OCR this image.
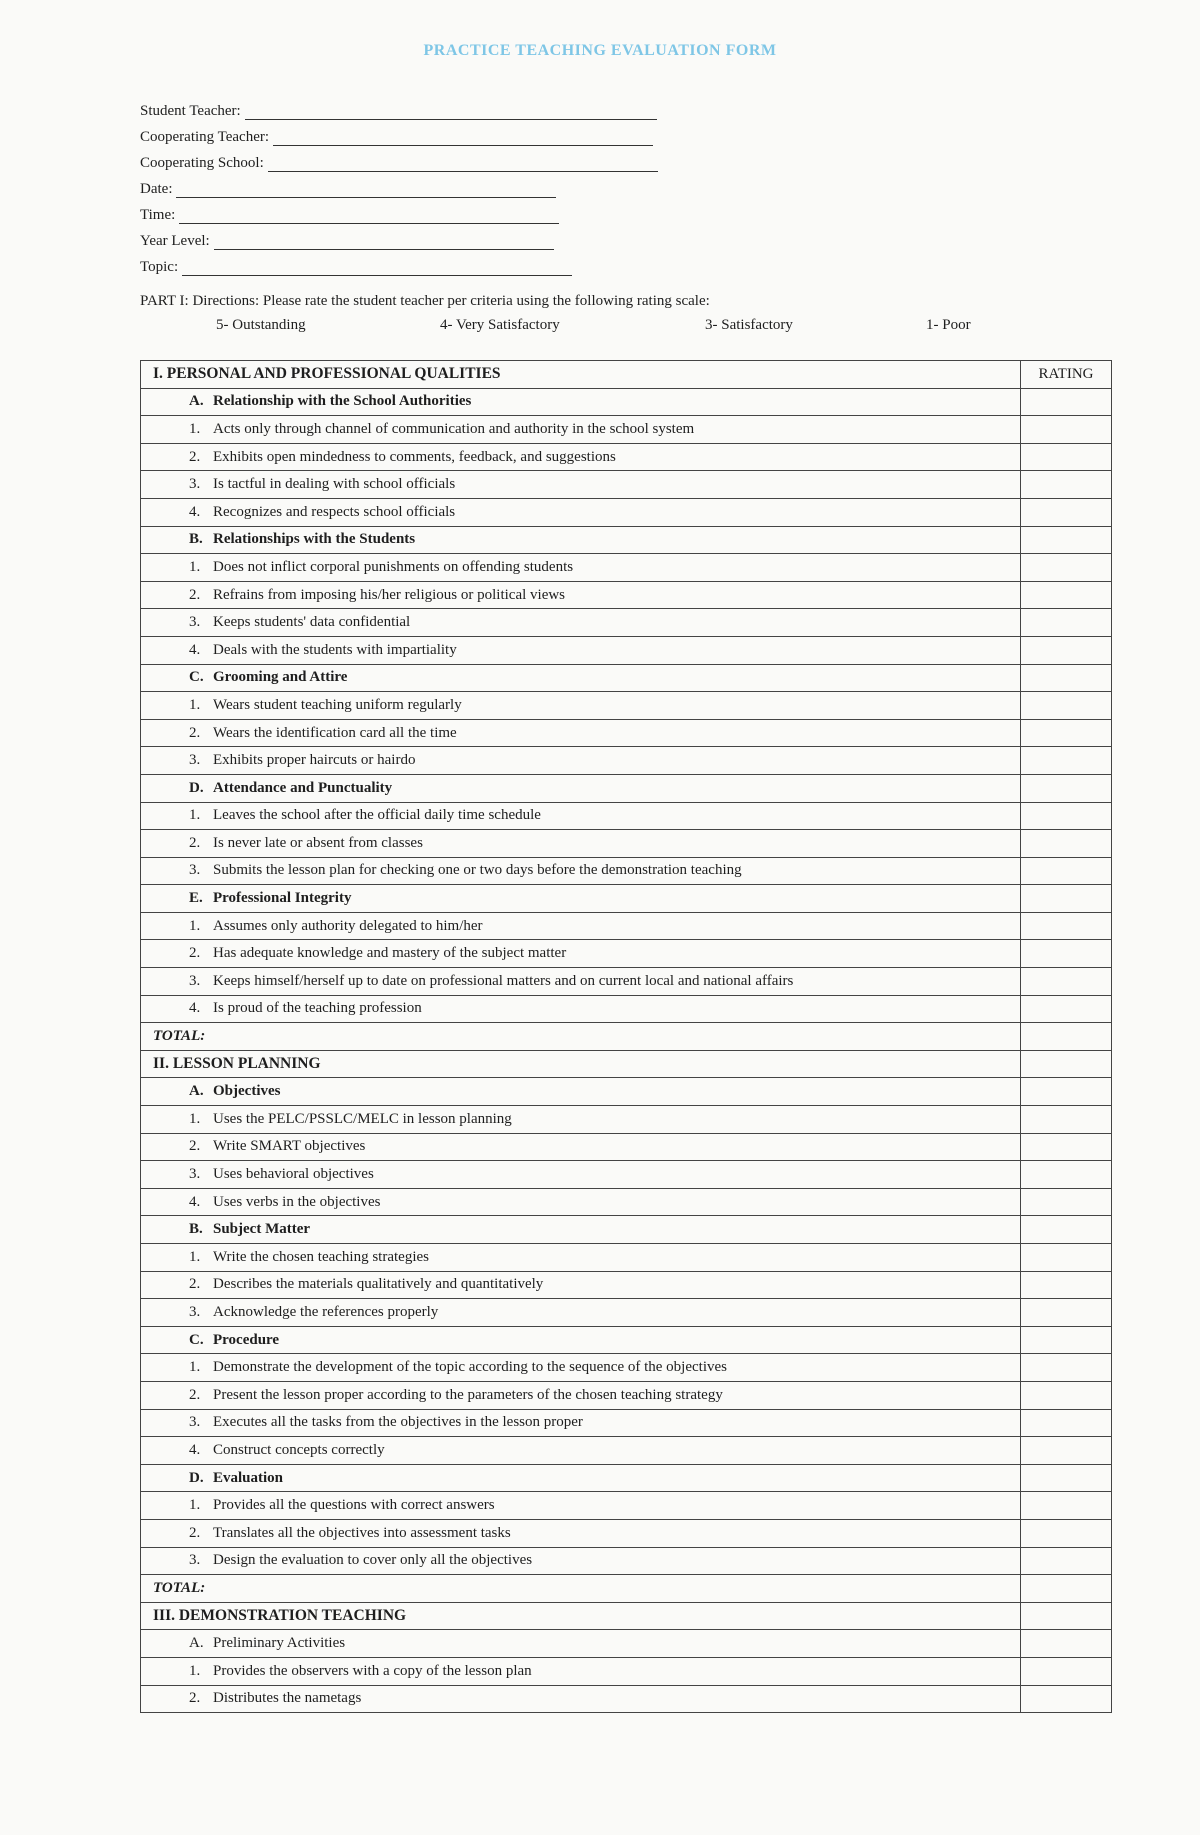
PRACTICE TEACHING EVALUATION FORM
Student Teacher:
Cooperating Teacher:
Cooperating School:
Date:
Time:
Year Level:
Topic:
PART I: Directions: Please rate the student teacher per criteria using the following rating scale:
5- Outstanding	4- Very Satisfactory	3- Satisfactory	1- Poor
I. PERSONAL AND PROFESSIONAL QUALITIES	RATING
A. Relationship with the School Authorities	
1. Acts only through channel of communication and authority in the school system	
2. Exhibits open mindedness to comments, feedback, and suggestions	
3. Is tactful in dealing with school officials	
4. Recognizes and respects school officials	
B. Relationships with the Students	
1. Does not inflict corporal punishments on offending students	
2. Refrains from imposing his/her religious or political views	
3. Keeps students' data confidential	
4. Deals with the students with impartiality	
C. Grooming and Attire	
1. Wears student teaching uniform regularly	
2. Wears the identification card all the time	
3. Exhibits proper haircuts or hairdo	
D. Attendance and Punctuality	
1. Leaves the school after the official daily time schedule	
2. Is never late or absent from classes	
3. Submits the lesson plan for checking one or two days before the demonstration teaching	
E. Professional Integrity	
1. Assumes only authority delegated to him/her	
2. Has adequate knowledge and mastery of the subject matter	
3. Keeps himself/herself up to date on professional matters and on current local and national affairs	
4. Is proud of the teaching profession	
TOTAL:	
II. LESSON PLANNING	
A. Objectives	
1. Uses the PELC/PSSLC/MELC in lesson planning	
2. Write SMART objectives	
3. Uses behavioral objectives	
4. Uses verbs in the objectives	
B. Subject Matter	
1. Write the chosen teaching strategies	
2. Describes the materials qualitatively and quantitatively	
3. Acknowledge the references properly	
C. Procedure	
1. Demonstrate the development of the topic according to the sequence of the objectives	
2. Present the lesson proper according to the parameters of the chosen teaching strategy	
3. Executes all the tasks from the objectives in the lesson proper	
4. Construct concepts correctly	
D. Evaluation	
1. Provides all the questions with correct answers	
2. Translates all the objectives into assessment tasks	
3. Design the evaluation to cover only all the objectives	
TOTAL:	
III. DEMONSTRATION TEACHING	
A. Preliminary Activities	
1. Provides the observers with a copy of the lesson plan	
2. Distributes the nametags	
